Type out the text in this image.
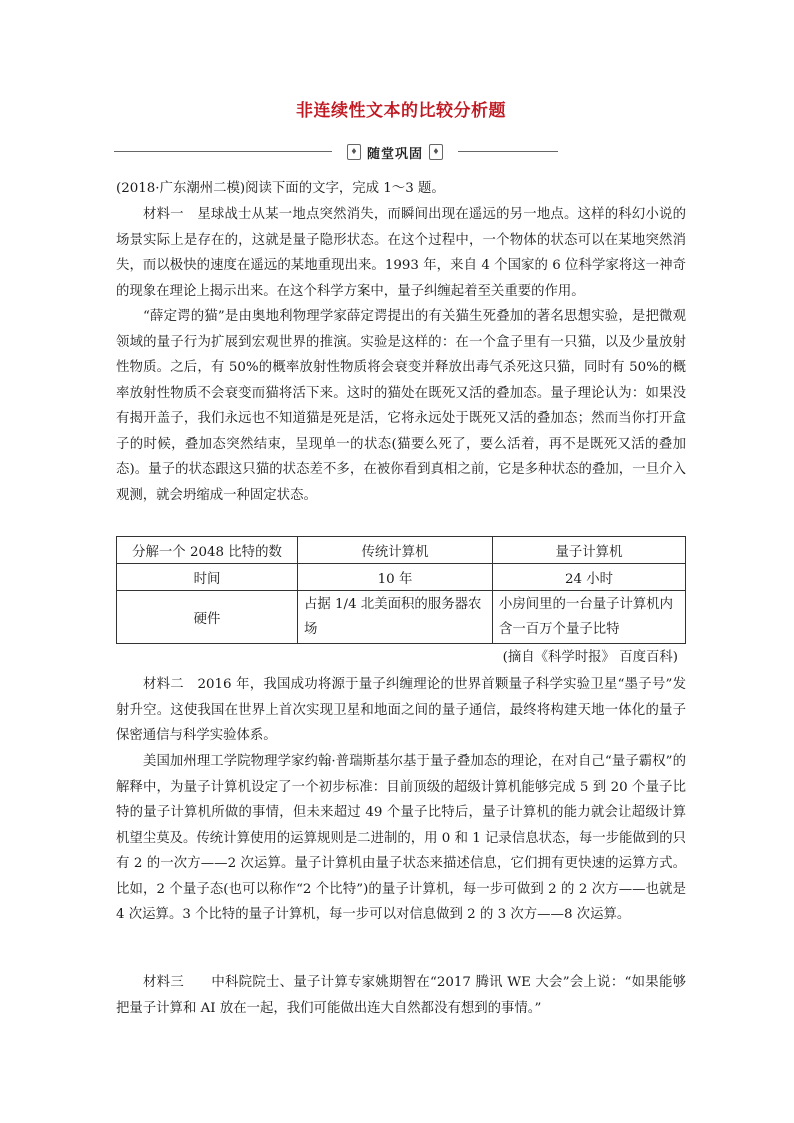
非连续性文本的比较分析题
♦ 随堂巩固	♦
(2018·广东潮州二模)阅读下面的文字，完成 1～3 题。
材料一　星球战士从某一地点突然消失，而瞬间出现在遥远的另一地点。这样的科幻小说的场景实际上是存在的，这就是量子隐形状态。在这个过程中，一个物体的状态可以在某地突然消失，而以极快的速度在遥远的某地重现出来。1993 年，来自 4 个国家的 6 位科学家将这一神奇的现象在理论上揭示出来。在这个科学方案中，量子纠缠起着至关重要的作用。
“薛定谔的猫”是由奥地利物理学家薛定谔提出的有关猫生死叠加的著名思想实验，是把微观领域的量子行为扩展到宏观世界的推演。实验是这样的：在一个盒子里有一只猫，以及少量放射性物质。之后，有 50%的概率放射性物质将会衰变并释放出毒气杀死这只猫，同时有 50%的概率放射性物质不会衰变而猫将活下来。这时的猫处在既死又活的叠加态。量子理论认为：如果没有揭开盖子，我们永远也不知道猫是死是活，它将永远处于既死又活的叠加态；然而当你打开盒子的时候，叠加态突然结束，呈现单一的状态(猫要么死了，要么活着，再不是既死又活的叠加态)。量子的状态跟这只猫的状态差不多，在被你看到真相之前，它是多种状态的叠加，一旦介入观测，就会坍缩成一种固定状态。
分解一个 2048 比特的数	传统计算机	量子计算机
时间	10 年	24 小时
硬件	占据 1/4 北美面积的服务器农场	小房间里的一台量子计算机内含一百万个量子比特
(摘自《科学时报》 百度百科)
材料二　2016 年，我国成功将源于量子纠缠理论的世界首颗量子科学实验卫星“墨子号”发射升空。这使我国在世界上首次实现卫星和地面之间的量子通信，最终将构建天地一体化的量子保密通信与科学实验体系。
美国加州理工学院物理学家约翰·普瑞斯基尔基于量子叠加态的理论，在对自己“量子霸权”的解释中，为量子计算机设定了一个初步标准：目前顶级的超级计算机能够完成 5 到 20 个量子比特的量子计算机所做的事情，但未来超过 49 个量子比特后，量子计算机的能力就会让超级计算机望尘莫及。传统计算使用的运算规则是二进制的，用 0 和 1 记录信息状态，每一步能做到的只有 2 的一次方——2 次运算。量子计算机由量子状态来描述信息，它们拥有更快速的运算方式。比如，2 个量子态(也可以称作“2 个比特”)的量子计算机，每一步可做到 2 的 2 次方——也就是 4 次运算。3 个比特的量子计算机，每一步可以对信息做到 2 的 3 次方——8 次运算。
材料三　　中科院院士、量子计算专家姚期智在“2017 腾讯 WE 大会”会上说：“如果能够把量子计算和 AI 放在一起，我们可能做出连大自然都没有想到的事情。”
